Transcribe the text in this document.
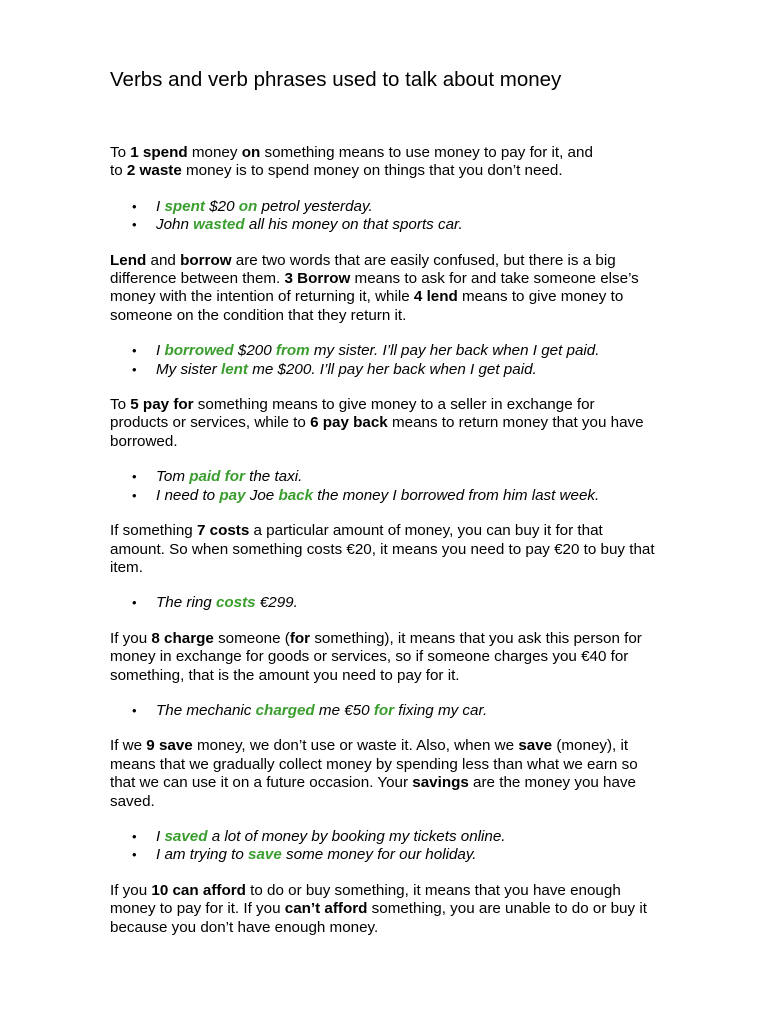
Verbs and verb phrases used to talk about money

To 1 spend money on something means to use money to pay for it, and
to 2 waste money is to spend money on things that you don’t need.

• I spent $20 on petrol yesterday.
• John wasted all his money on that sports car.

Lend and borrow are two words that are easily confused, but there is a big
difference between them. 3 Borrow means to ask for and take someone else’s
money with the intention of returning it, while 4 lend means to give money to
someone on the condition that they return it.

• I borrowed $200 from my sister. I’ll pay her back when I get paid.
• My sister lent me $200. I’ll pay her back when I get paid.

To 5 pay for something means to give money to a seller in exchange for
products or services, while to 6 pay back means to return money that you have
borrowed.

• Tom paid for the taxi.
• I need to pay Joe back the money I borrowed from him last week.

If something 7 costs a particular amount of money, you can buy it for that
amount. So when something costs €20, it means you need to pay €20 to buy that
item.

• The ring costs €299.

If you 8 charge someone (for something), it means that you ask this person for
money in exchange for goods or services, so if someone charges you €40 for
something, that is the amount you need to pay for it.

• The mechanic charged me €50 for fixing my car.

If we 9 save money, we don’t use or waste it. Also, when we save (money), it
means that we gradually collect money by spending less than what we earn so
that we can use it on a future occasion. Your savings are the money you have
saved.

• I saved a lot of money by booking my tickets online.
• I am trying to save some money for our holiday.

If you 10 can afford to do or buy something, it means that you have enough
money to pay for it. If you can’t afford something, you are unable to do or buy it
because you don’t have enough money.
